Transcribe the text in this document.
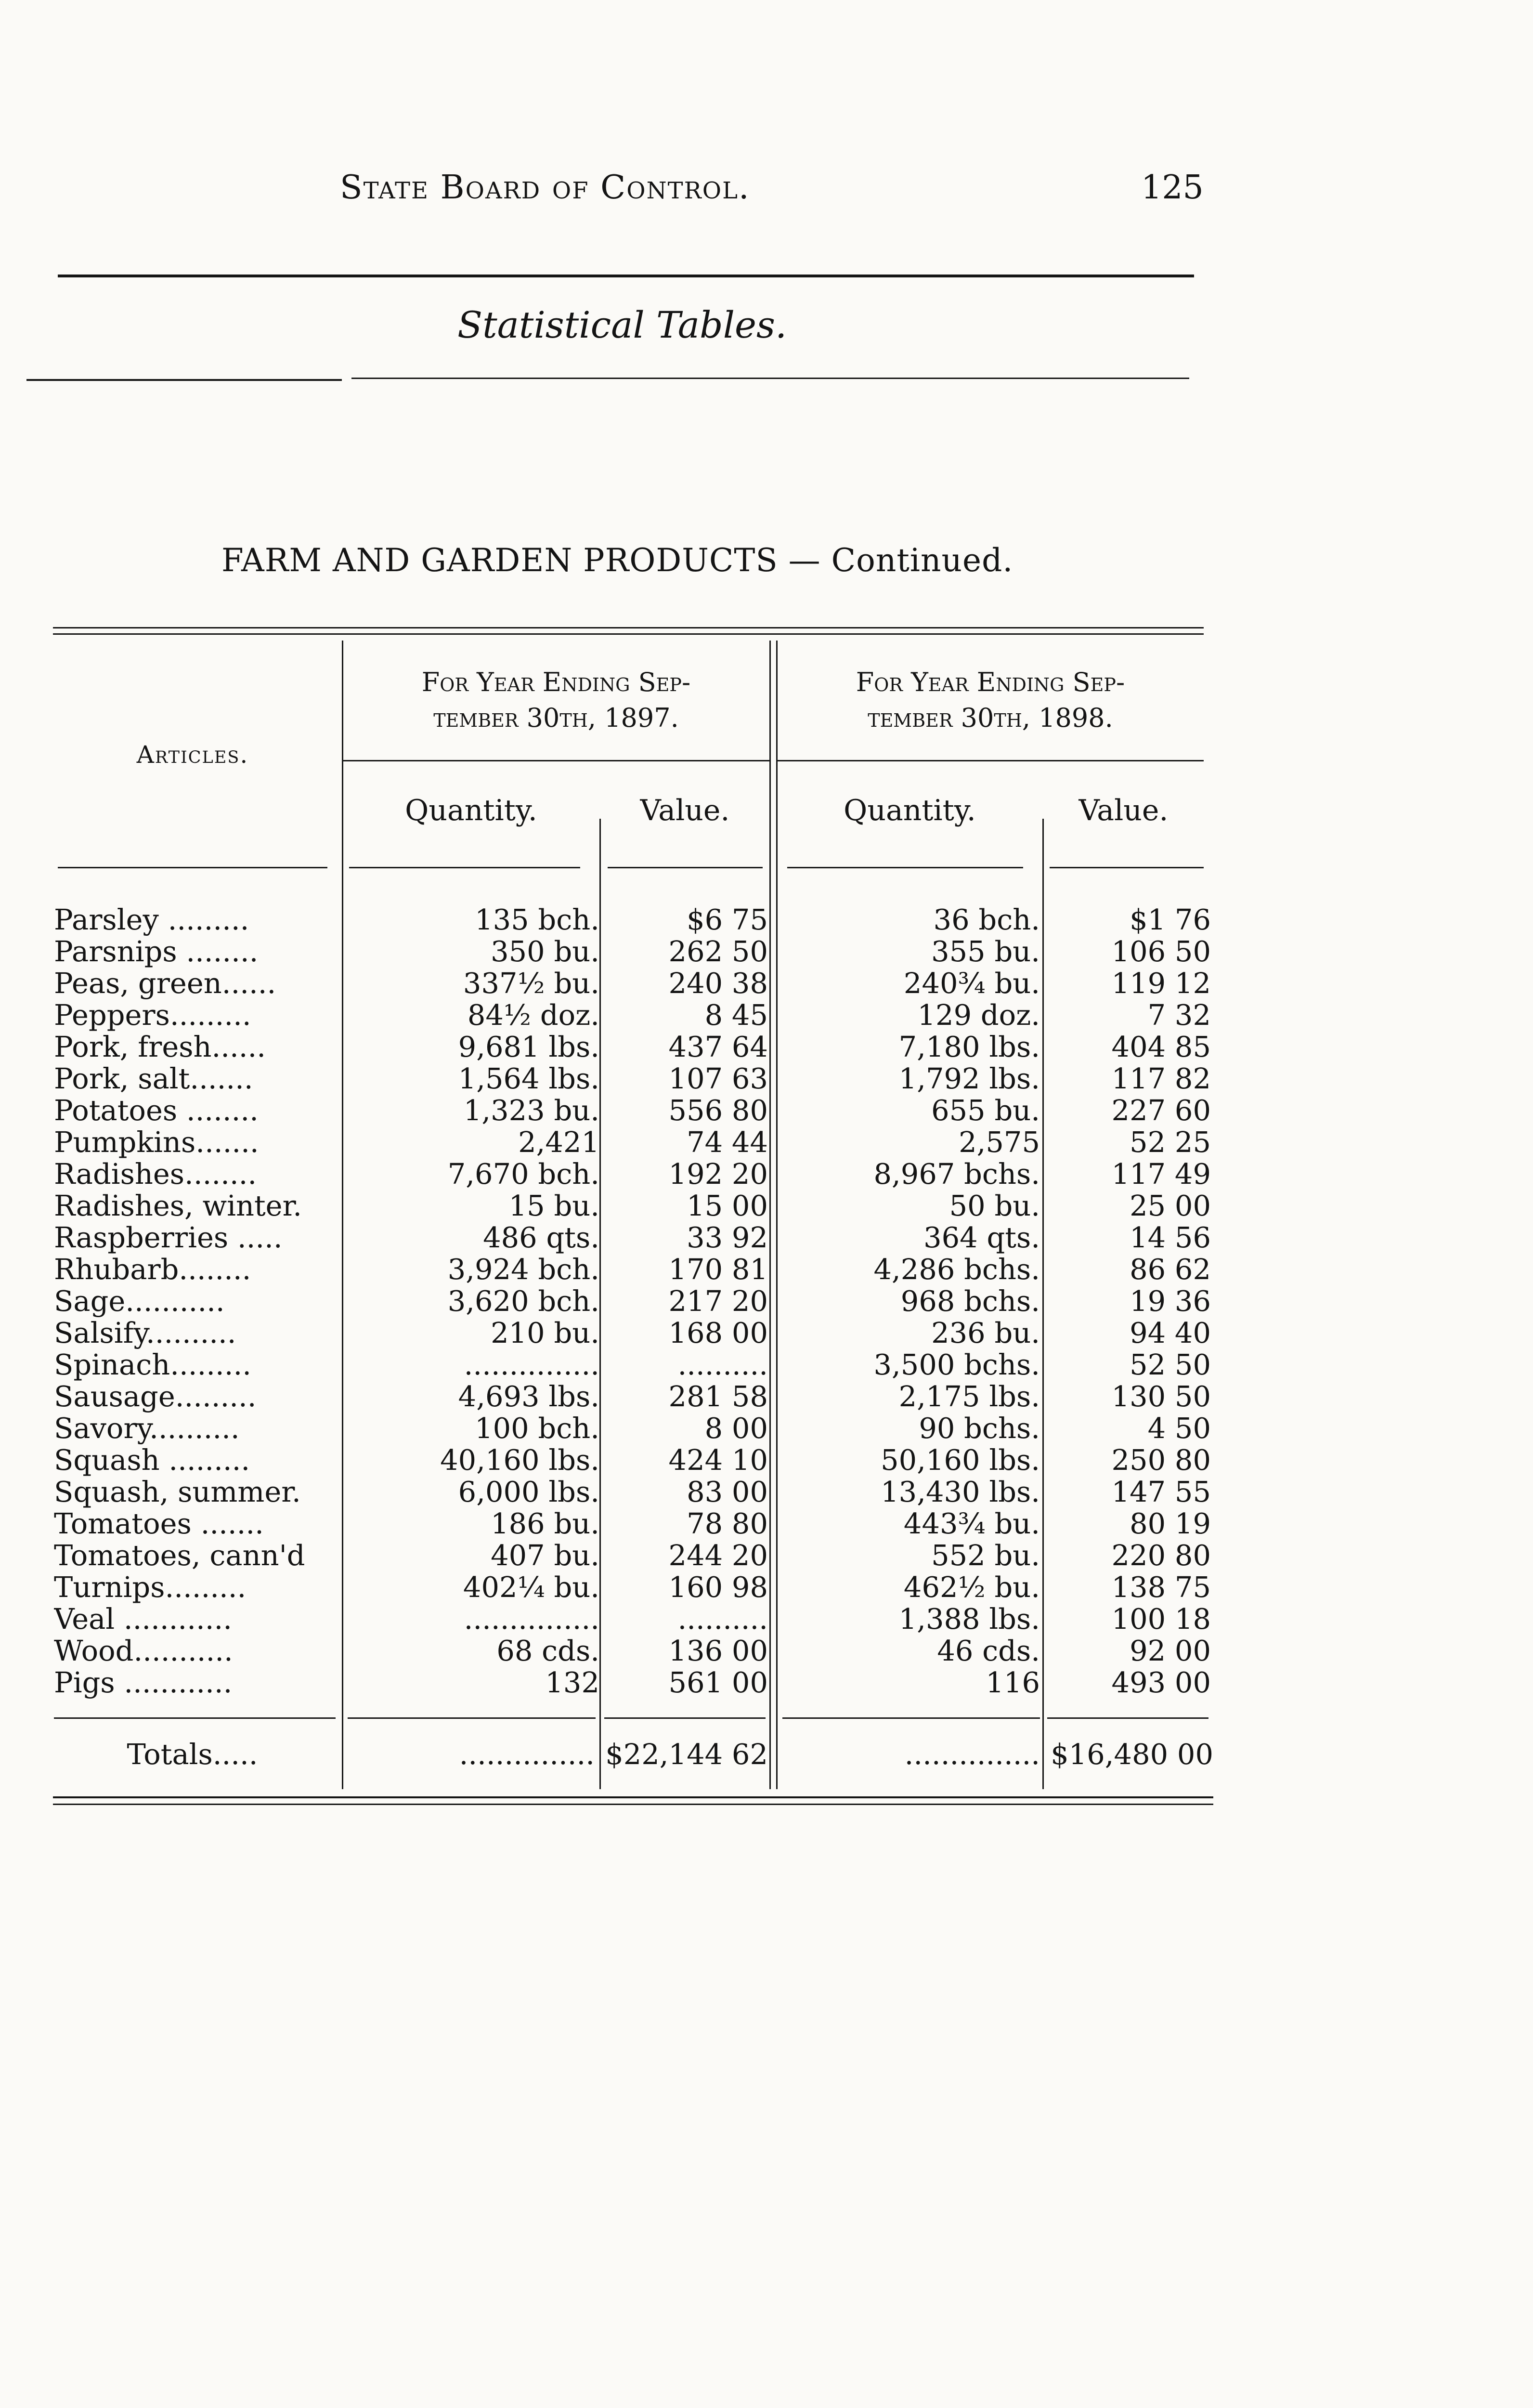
State Board of Control.	125
Statistical Tables.
FARM AND GARDEN PRODUCTS — Continued.
Articles.
For Year Ending Sep-
tember 30th, 1897.
For Year Ending Sep-
tember 30th, 1898.
Quantity.	Value.	Quantity.	Value.
Parsley .........	135 bch.	$6 75	36 bch.	$1 76
Parsnips ........	350 bu.	262 50	355 bu.	106 50
Peas, green......	337½ bu.	240 38	240¾ bu.	119 12
Peppers.........	84½ doz.	8 45	129 doz.	7 32
Pork, fresh......	9,681 lbs.	437 64	7,180 lbs.	404 85
Pork, salt.......	1,564 lbs.	107 63	1,792 lbs.	117 82
Potatoes ........	1,323 bu.	556 80	655 bu.	227 60
Pumpkins.......	2,421	74 44	2,575	52 25
Radishes........	7,670 bch.	192 20	8,967 bchs.	117 49
Radishes, winter.	15 bu.	15 00	50 bu.	25 00
Raspberries .....	486 qts.	33 92	364 qts.	14 56
Rhubarb........	3,924 bch.	170 81	4,286 bchs.	86 62
Sage...........	3,620 bch.	217 20	968 bchs.	19 36
Salsify..........	210 bu.	168 00	236 bu.	94 40
Spinach.........	...............	..........	3,500 bchs.	52 50
Sausage.........	4,693 lbs.	281 58	2,175 lbs.	130 50
Savory..........	100 bch.	8 00	90 bchs.	4 50
Squash .........	40,160 lbs.	424 10	50,160 lbs.	250 80
Squash, summer.	6,000 lbs.	83 00	13,430 lbs.	147 55
Tomatoes .......	186 bu.	78 80	443¾ bu.	80 19
Tomatoes, cann'd	407 bu.	244 20	552 bu.	220 80
Turnips.........	402¼ bu.	160 98	462½ bu.	138 75
Veal ............	...............	..........	1,388 lbs.	100 18
Wood...........	68 cds.	136 00	46 cds.	92 00
Pigs ............	132	561 00	116	493 00
Totals.....	............... $22,144 62	............... $16,480 00
